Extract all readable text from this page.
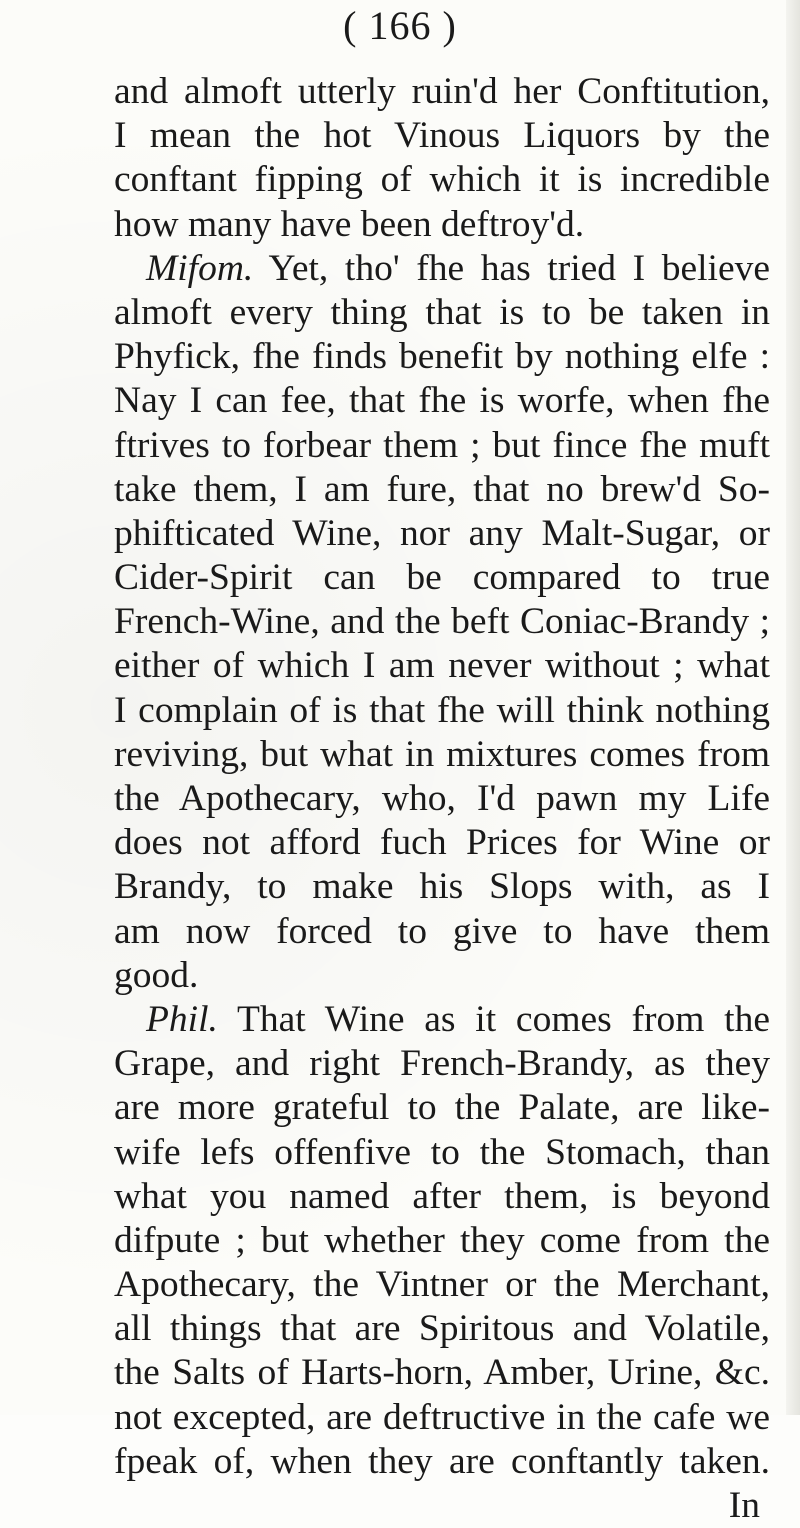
( 166 )
and almoft utterly ruin'd her Conftitution,
I mean the hot Vinous Liquors by the
conftant fipping of which it is incredible
how many have been deftroy'd.
Mifom. Yet, tho' fhe has tried I believe
almoft every thing that is to be taken in
Phyfick, fhe finds benefit by nothing elfe :
Nay I can fee, that fhe is worfe, when fhe
ftrives to forbear them ; but fince fhe muft
take them, I am fure, that no brew'd So-
phifticated Wine, nor any Malt-Sugar, or
Cider-Spirit can be compared to true
French-Wine, and the beft Coniac-Brandy ;
either of which I am never without ; what
I complain of is that fhe will think nothing
reviving, but what in mixtures comes from
the Apothecary, who, I'd pawn my Life
does not afford fuch Prices for Wine or
Brandy, to make his Slops with, as I
am now forced to give to have them
good.
Phil. That Wine as it comes from the
Grape, and right French-Brandy, as they
are more grateful to the Palate, are like-
wife lefs offenfive to the Stomach, than
what you named after them, is beyond
difpute ; but whether they come from the
Apothecary, the Vintner or the Merchant,
all things that are Spiritous and Volatile,
the Salts of Harts-horn, Amber, Urine, &c.
not excepted, are deftructive in the cafe we
fpeak of, when they are conftantly taken.
In
